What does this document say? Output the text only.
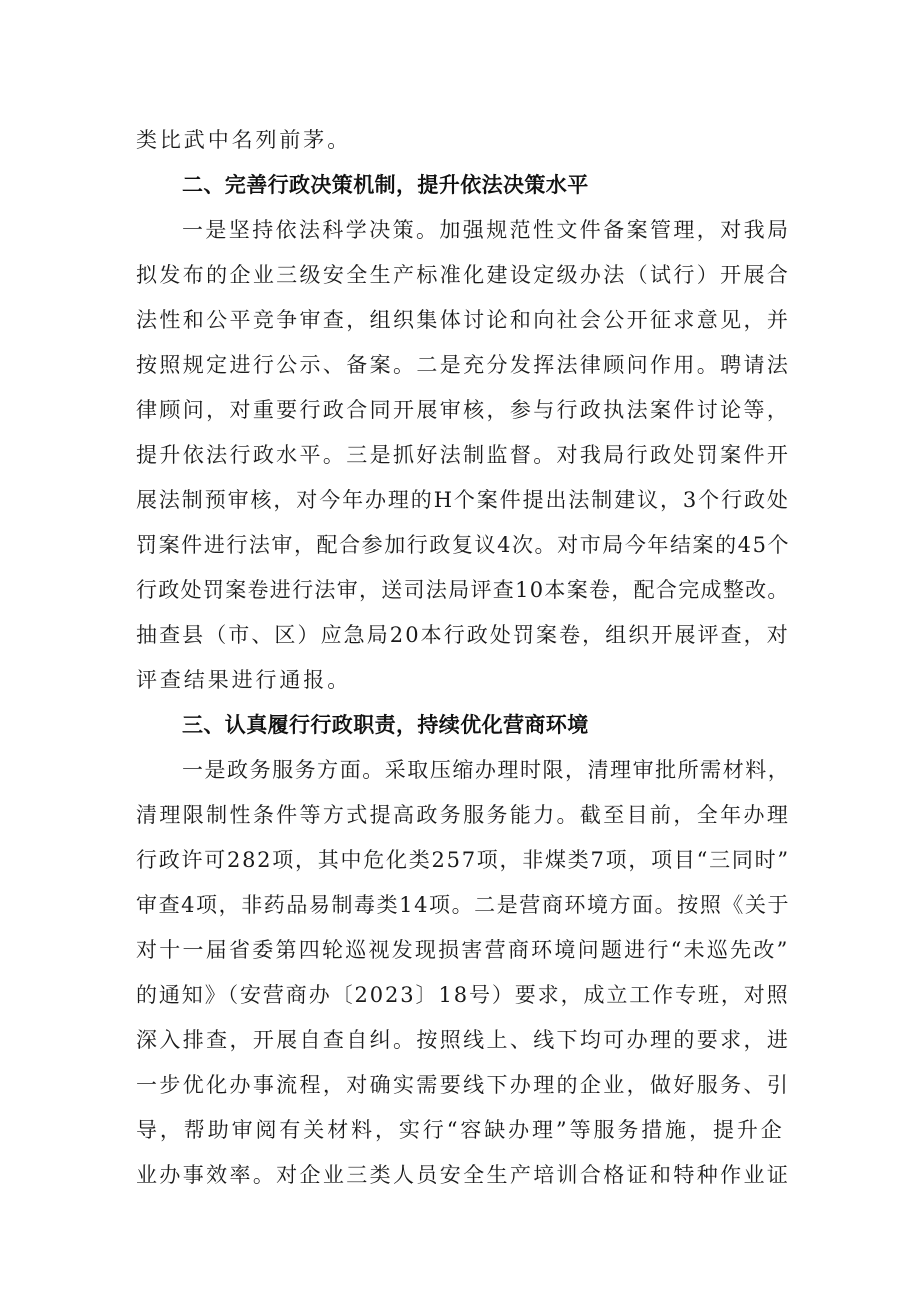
类比武中名列前茅。
二、完善行政决策机制，提升依法决策水平
一是坚持依法科学决策。加强规范性文件备案管理，对我局
拟发布的企业三级安全生产标准化建设定级办法（试行）开展合
法性和公平竞争审查，组织集体讨论和向社会公开征求意见，并
按照规定进行公示、备案。二是充分发挥法律顾问作用。聘请法
律顾问，对重要行政合同开展审核，参与行政执法案件讨论等，
提升依法行政水平。三是抓好法制监督。对我局行政处罚案件开
展法制预审核，对今年办理的H个案件提出法制建议，3个行政处
罚案件进行法审，配合参加行政复议4次。对市局今年结案的45个
行政处罚案卷进行法审，送司法局评查10本案卷，配合完成整改。
抽查县（市、区）应急局20本行政处罚案卷，组织开展评查，对
评查结果进行通报。
三、认真履行行政职责，持续优化营商环境
一是政务服务方面。采取压缩办理时限，清理审批所需材料，
清理限制性条件等方式提高政务服务能力。截至目前，全年办理
行政许可282项，其中危化类257项，非煤类7项，项目“三同时”
审查4项，非药品易制毒类14项。二是营商环境方面。按照《关于
对十一届省委第四轮巡视发现损害营商环境问题进行“未巡先改”
的通知》（安营商办〔2023〕18号）要求，成立工作专班，对照
深入排查，开展自查自纠。按照线上、线下均可办理的要求，进
一步优化办事流程，对确实需要线下办理的企业，做好服务、引
导，帮助审阅有关材料，实行“容缺办理”等服务措施，提升企
业办事效率。对企业三类人员安全生产培训合格证和特种作业证
